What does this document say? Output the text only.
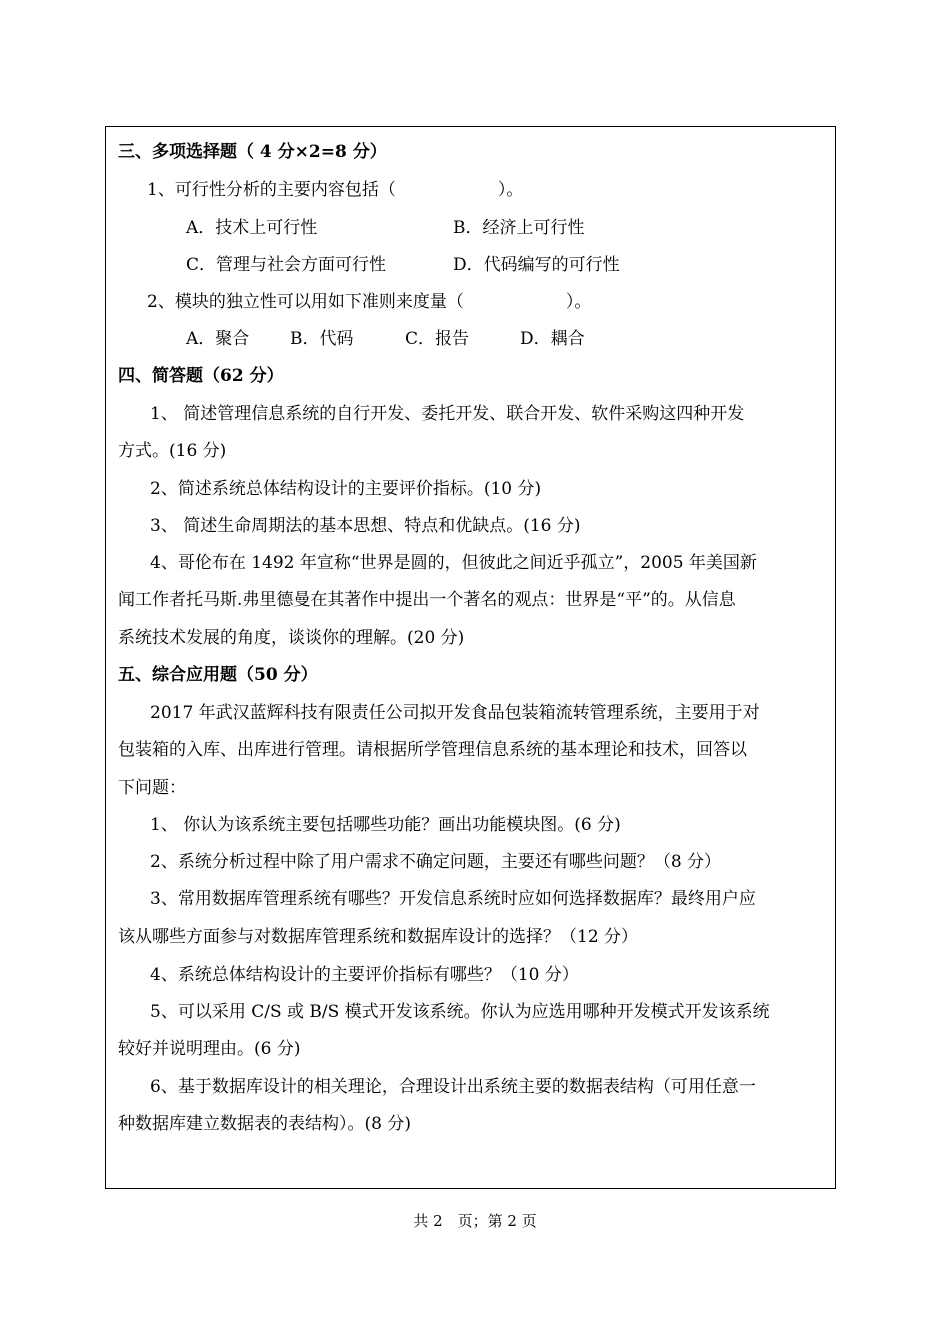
三、多项选择题（ 4 分×2=8 分）
1、可行性分析的主要内容包括（　　　　　　）。
A．技术上可行性	B．经济上可行性
C．管理与社会方面可行性	D．代码编写的可行性
2、模块的独立性可以用如下准则来度量（　　　　　　）。
A．聚合 B．代码	C．报告	D．耦合
四、简答题（62 分）
1、 简述管理信息系统的自行开发、委托开发、联合开发、软件采购这四种开发
方式。(16 分)
2、简述系统总体结构设计的主要评价指标。(10 分)
3、 简述生命周期法的基本思想、特点和优缺点。(16 分)
4、哥伦布在 1492 年宣称“世界是圆的，但彼此之间近乎孤立”，2005 年美国新
闻工作者托马斯.弗里德曼在其著作中提出一个著名的观点：世界是“平”的。从信息
系统技术发展的角度，谈谈你的理解。(20 分)
五、综合应用题（50 分）
2017 年武汉蓝辉科技有限责任公司拟开发食品包装箱流转管理系统，主要用于对
包装箱的入库、出库进行管理。请根据所学管理信息系统的基本理论和技术，回答以
下问题：
1、 你认为该系统主要包括哪些功能？画出功能模块图。(6 分)
2、系统分析过程中除了用户需求不确定问题，主要还有哪些问题？（8 分）
3、常用数据库管理系统有哪些？开发信息系统时应如何选择数据库？最终用户应
该从哪些方面参与对数据库管理系统和数据库设计的选择？（12 分）
4、系统总体结构设计的主要评价指标有哪些？（10 分）
5、可以采用 C/S 或 B/S 模式开发该系统。你认为应选用哪种开发模式开发该系统
较好并说明理由。(6 分)
6、基于数据库设计的相关理论，合理设计出系统主要的数据表结构（可用任意一
种数据库建立数据表的表结构）。(8 分)
共 2　页；第 2 页
